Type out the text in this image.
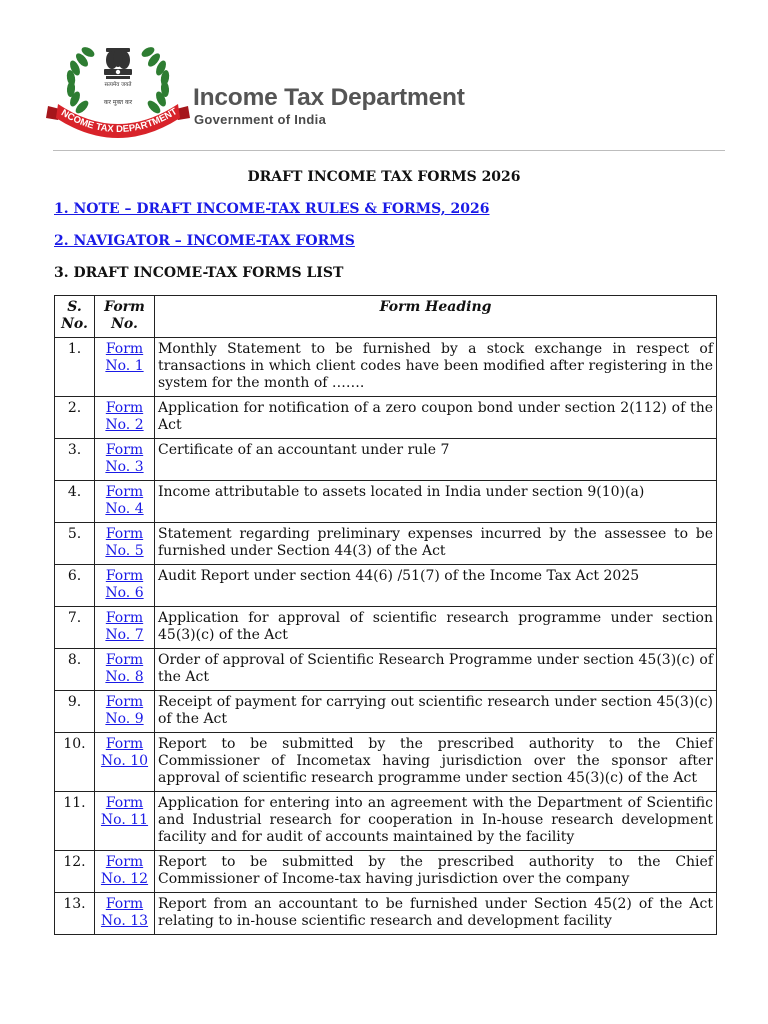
सत्यमेव जयते
कर मुक्त कर
NCOME TAX DEPARTMENT
Income Tax Department
Government of India
DRAFT INCOME TAX FORMS 2026
1. NOTE – DRAFT INCOME-TAX RULES & FORMS, 2026
2. NAVIGATOR – INCOME-TAX FORMS
3. DRAFT INCOME-TAX FORMS LIST
S. No.	Form No.	Form Heading
1.	Form No. 1	Monthly Statement to be furnished by a stock exchange in respect of transactions in which client codes have been modified after registering in the system for the month of …….
2.	Form No. 2	Application for notification of a zero coupon bond under section 2(112) of the Act
3.	Form No. 3	Certificate of an accountant under rule 7
4.	Form No. 4	Income attributable to assets located in India under section 9(10)(a)
5.	Form No. 5	Statement regarding preliminary expenses incurred by the assessee to be furnished under Section 44(3) of the Act
6.	Form No. 6	Audit Report under section 44(6) /51(7) of the Income Tax Act 2025
7.	Form No. 7	Application for approval of scientific research programme under section 45(3)(c) of the Act
8.	Form No. 8	Order of approval of Scientific Research Programme under section 45(3)(c) of the Act
9.	Form No. 9	Receipt of payment for carrying out scientific research under section 45(3)(c) of the Act
10.	Form No. 10	Report to be submitted by the prescribed authority to the Chief Commissioner of Incometax having jurisdiction over the sponsor after approval of scientific research programme under section 45(3)(c) of the Act
11.	Form No. 11	Application for entering into an agreement with the Department of Scientific and Industrial research for cooperation in In-house research development facility and for audit of accounts maintained by the facility
12.	Form No. 12	Report to be submitted by the prescribed authority to the Chief Commissioner of Income-tax having jurisdiction over the company
13.	Form No. 13	Report from an accountant to be furnished under Section 45(2) of the Act relating to in-house scientific research and development facility
